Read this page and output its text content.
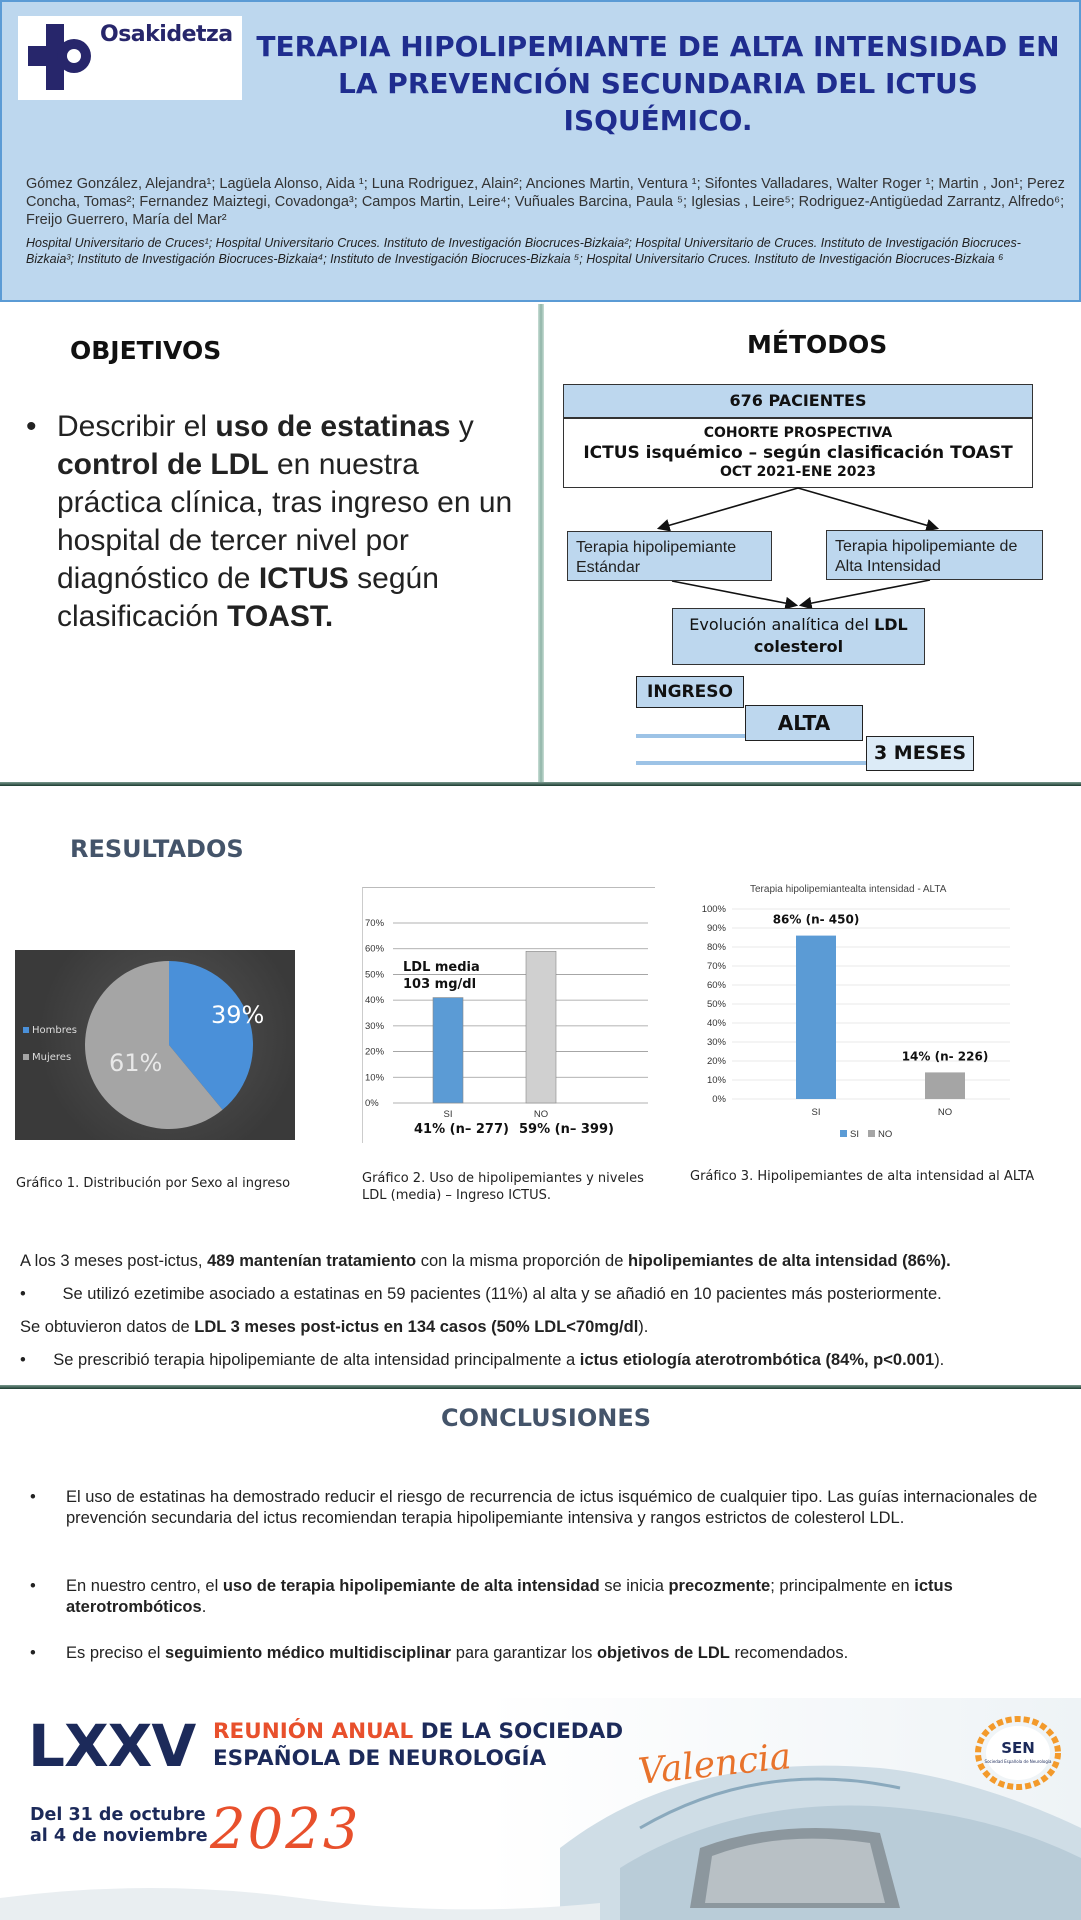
Osakidetza TERAPIA HIPOLIPEMIANTE DE ALTA INTENSIDAD EN
LA PREVENCIÓN SECUNDARIA DEL ICTUS
ISQUÉMICO.
Gómez González, Alejandra¹; Lagüela Alonso, Aida ¹; Luna Rodriguez, Alain²; Anciones Martin, Ventura ¹; Sifontes Valladares, Walter Roger ¹; Martin , Jon¹; Perez Concha, Tomas²; Fernandez Maiztegi, Covadonga³; Campos Martin, Leire⁴; Vuñuales Barcina, Paula ⁵; Iglesias , Leire⁵; Rodriguez-Antigüedad Zarrantz, Alfredo⁶; Freijo Guerrero, María del Mar²
Hospital Universitario de Cruces¹; Hospital Universitario Cruces. Instituto de Investigación Biocruces-Bizkaia²; Hospital Universitario de Cruces. Instituto de Investigación Biocruces-Bizkaia³; Instituto de Investigación Biocruces-Bizkaia⁴; Instituto de Investigación Biocruces-Bizkaia ⁵; Hospital Universitario Cruces. Instituto de Investigación Biocruces-Bizkaia ⁶
OBJETIVOS
• Describir el uso de estatinas y control de LDL en nuestra práctica clínica, tras ingreso en un hospital de tercer nivel por diagnóstico de ICTUS según clasificación TOAST.
MÉTODOS
676 PACIENTES
COHORTE PROSPECTIVA
ICTUS isquémico – según clasificación TOAST
OCT 2021-ENE 2023
Terapia hipolipemiante Estándar
Terapia hipolipemiante de Alta Intensidad
Evolución analítica del LDL colesterol
INGRESO
ALTA
3 MESES
RESULTADOS
39%
61%
Hombres
Mujeres
Gráfico 1. Distribución por Sexo al ingreso
0%
10%
20%
30%
40%
50%
60%
70%
SI
41% (n– 277)
NO
59% (n– 399)
LDL media
103 mg/dl
Gráfico 2. Uso de hipolipemiantes y niveles LDL (media) – Ingreso ICTUS.
Terapia hipolipemiantealta intensidad - ALTA
0%
10%
20%
30%
40%
50%
60%
70%
80%
90%
100%
SI
86% (n- 450)
NO
14% (n- 226)
SI NO
Gráfico 3. Hipolipemiantes de alta intensidad al ALTA
A los 3 meses post-ictus, 489 mantenían tratamiento con la misma proporción de hipolipemiantes de alta intensidad (86%).
•        Se utilizó ezetimibe asociado a estatinas en 59 pacientes (11%) al alta y se añadió en 10 pacientes más posteriormente.
Se obtuvieron datos de LDL 3 meses post-ictus en 134 casos (50% LDL<70mg/dl).
•      Se prescribió terapia hipolipemiante de alta intensidad principalmente a ictus etiología aterotrombótica (84%, p<0.001).
CONCLUSIONES
• El uso de estatinas ha demostrado reducir el riesgo de recurrencia de ictus isquémico de cualquier tipo. Las guías internacionales de prevención secundaria del ictus recomiendan terapia hipolipemiante intensiva y rangos estrictos de colesterol LDL.
• En nuestro centro, el uso de terapia hipolipemiante de alta intensidad se inicia precozmente; principalmente en ictus aterotrombóticos.
• Es preciso el seguimiento médico multidisciplinar para garantizar los objetivos de LDL recomendados.
LXXV REUNIÓN ANUAL DE LA SOCIEDAD
ESPAÑOLA DE NEUROLOGÍA
Del 31 de octubre
al 4 de noviembre 2023
Valencia	SEN
Sociedad Española de Neurología
